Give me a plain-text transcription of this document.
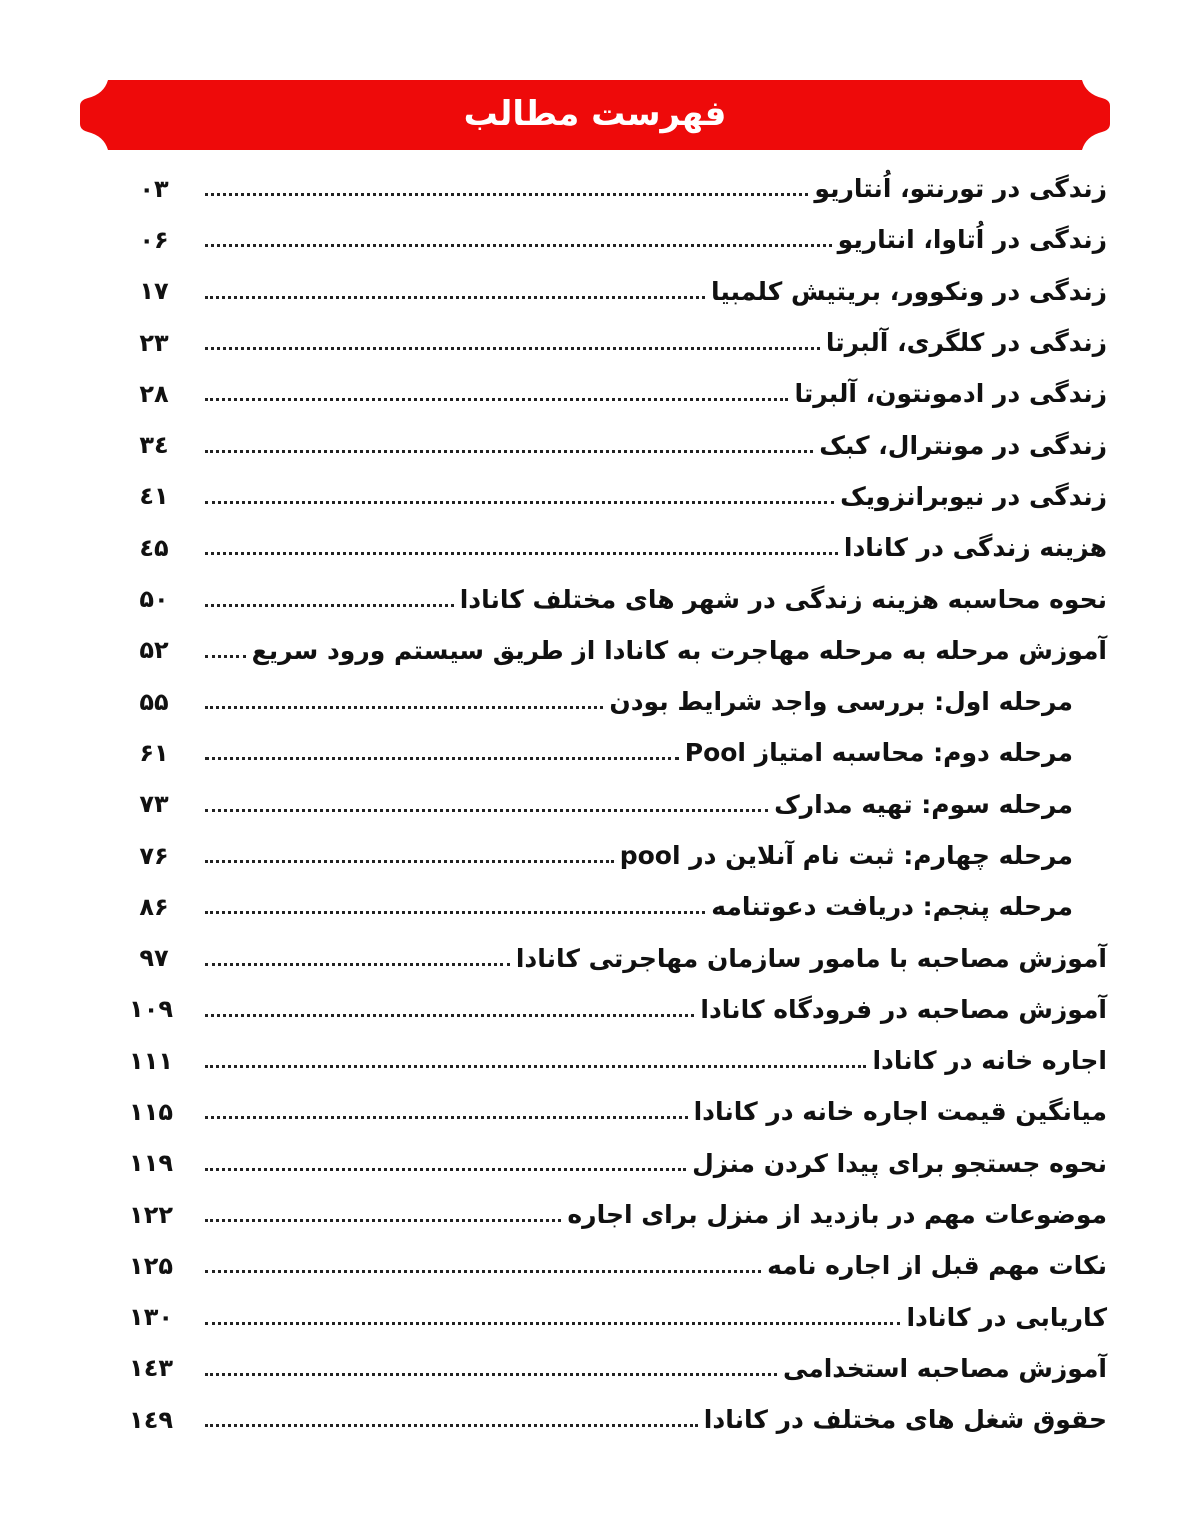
فهرست مطالب
۰۳	زندگی در تورنتو، اُنتاریو
۰۶	زندگی در اُتاوا، انتاریو
۱۷	زندگی در ونکوور، بریتیش کلمبیا
۲۳	زندگی در کلگری، آلبرتا
۲۸	زندگی در ادمونتون، آلبرتا
۳٤	زندگی در مونترال، کبک
٤۱	زندگی در نیوبرانزویک
٤۵	هزینه زندگی در کانادا
۵۰	نحوه محاسبه هزینه زندگی در شهر های مختلف کانادا
۵۲	آموزش مرحله به مرحله مهاجرت به کانادا از طریق سیستم ورود سریع
۵۵	مرحله اول: بررسی واجد شرایط بودن
۶۱	مرحله دوم: محاسبه امتیاز Pool
۷۳	مرحله سوم: تهیه مدارک
۷۶	مرحله چهارم: ثبت نام آنلاین در pool
۸۶	مرحله پنجم: دریافت دعوتنامه
۹۷	آموزش مصاحبه با مامور سازمان مهاجرتی کانادا
۱۰۹	آموزش مصاحبه در فرودگاه کانادا
۱۱۱	اجاره خانه در کانادا
۱۱۵	میانگین قیمت اجاره خانه در کانادا
۱۱۹	نحوه جستجو برای پیدا کردن منزل
۱۲۲	موضوعات مهم در بازدید از منزل برای اجاره
۱۲۵	نکات مهم قبل از اجاره نامه
۱۳۰	کاریابی در کانادا
۱٤۳	آموزش مصاحبه استخدامی
۱٤۹	حقوق شغل های مختلف در کانادا
